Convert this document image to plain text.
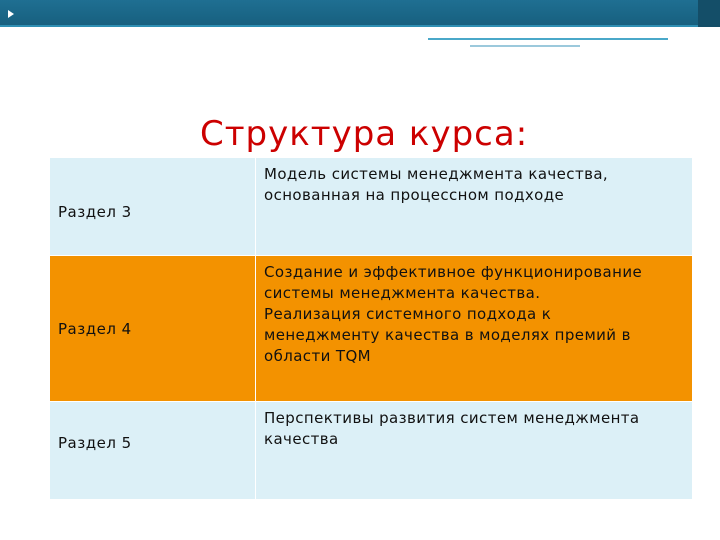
Структура курса:
Раздел 3
Модель системы менеджмента качества,
основанная на процессном подходе
Раздел 4
Создание и эффективное функционирование
системы менеджмента качества.
Реализация системного подхода к
менеджменту качества в моделях премий в
области TQM
Раздел 5
Перспективы развития систем менеджмента
качества
